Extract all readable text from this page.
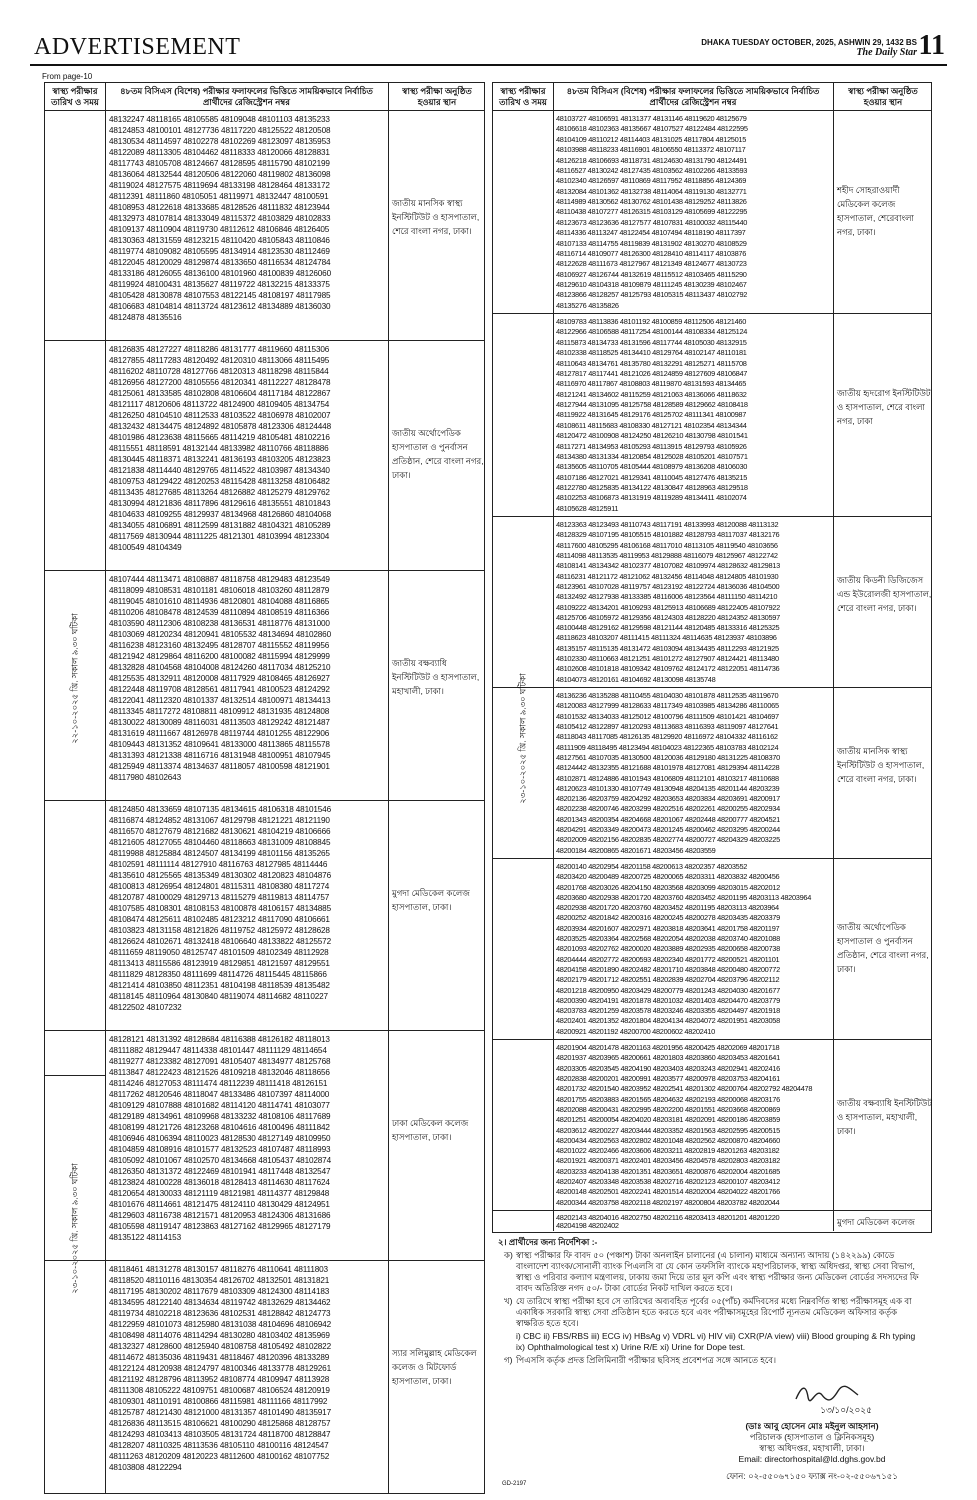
ADVERTISEMENT	DHAKA TUESDAY OCTOBER, 2025, ASHWIN 29, 1432 BS
The Daily Star 11
From page-10
স্বাস্থ্য পরীক্ষার তারিখ ও সময়
৪৮তম বিসিএস (বিশেষ) পরীক্ষার ফলাফলের ভিত্তিতে সাময়িকভাবে নির্বাচিত প্রার্থীদের রেজিস্ট্রেশন নম্বর
স্বাস্থ্য পরীক্ষা অনুষ্ঠিত হওয়ার স্থান
48132247 48118165 48105585 48109048 48101103 48135233
48124853 48100101 48127736 48117220 48125522 48120508
48130534 48114597 48102278 48102269 48123097 48135953
48122089 48113305 48104462 48118333 48120066 48128831
48117743 48105708 48124667 48128595 48115790 48102199
48136064 48132544 48120506 48122060 48119802 48136098
48119024 48127575 48119694 48133198 48128464 48133172
48112391 48111860 48105051 48119971 48132447 48100591
48108953 48122618 48133685 48128526 48111832 48123944
48132973 48107814 48133049 48115372 48103829 48102833
48109137 48110904 48119730 48112612 48106846 48126405
48130363 48131559 48123215 48110420 48105843 48110846
48119774 48109082 48105595 48134914 48123530 48112469
48122045 48120029 48129874 48133650 48116534 48124784
48133186 48126055 48136100 48101960 48100839 48126060
48119924 48100431 48135627 48119722 48132215 48133375
48105428 48130878 48107553 48122145 48108197 48117985
48106683 48104814 48113724 48123612 48134889 48136030
48124878 48135516
জাতীয় মানসিক স্বাস্থ্য ইনস্টিটিউট ও হাসপাতাল, শেরে বাংলা নগর, ঢাকা।
48126835 48127227 48118286 48131777 48119660 48115306
48127855 48117283 48120492 48120310 48113066 48115495
48116202 48110728 48127766 48120313 48118298 48115844
48126956 48127200 48105556 48120341 48112227 48128478
48125061 48133585 48102808 48106604 48117184 48122867
48121117 48120606 48113722 48124900 48109405 48134754
48126250 48104510 48112533 48103522 48106978 48102007
48132432 48134475 48124892 48105878 48123306 48124448
48101986 48123638 48115665 48114219 48105481 48102216
48115551 48118591 48132144 48133982 48110766 48118886
48130445 48118371 48132241 48136193 48103205 48123823
48121838 48114440 48129765 48114522 48103987 48134340
48109753 48129422 48120253 48115428 48113258 48106482
48113435 48127685 48113264 48126882 48125279 48129762
48130994 48121836 48117896 48129616 48135551 48101843
48104633 48109255 48129937 48134968 48126860 48104068
48134055 48106891 48112599 48131882 48104321 48105289
48117569 48130944 48111225 48121301 48103994 48123304
48100549 48104349
জাতীয় অর্থোপেডিক হাসপাতাল ও পুনর্বাসন প্রতিষ্ঠান, শেরে বাংলা নগর, ঢাকা।
48107444 48113471 48108887 48118758 48129483 48123549
48118099 48108531 48101181 48106018 48103260 48112879
48119045 48101610 48114936 48120801 48104088 48116865
48110206 48108478 48124539 48110894 48108519 48116366
48103590 48112306 48108238 48136531 48118776 48131000
48103069 48120234 48120941 48105532 48134694 48102860
48116238 48123160 48132495 48128707 48115552 48119956
48121942 48129864 48116200 48100082 48115994 48129999
48132828 48104568 48104008 48124260 48117034 48125210
48125535 48132911 48120008 48117929 48108465 48126927
48122448 48119708 48128561 48117941 48100523 48124292
48122041 48112320 48101337 48132514 48100971 48134413
48113345 48117272 48108811 48109912 48131935 48124808
48130022 48130089 48116031 48113503 48129242 48121487
48131619 48111667 48126978 48119744 48101255 48122906
48109443 48131352 48109641 48133000 48113865 48115578
48131393 48121338 48116716 48131948 48100951 48107945
48125949 48113374 48134637 48118057 48100598 48121901
48117980 48102643
জাতীয় বক্ষব্যাধি ইনস্টিটিউট ও হাসপাতাল, মহাখালী, ঢাকা।
48124850 48133659 48107135 48134615 48106318 48101546
48116874 48124852 48131067 48129798 48121221 48121190
48116570 48127679 48121682 48130621 48104219 48106666
48121605 48127055 48104460 48118663 48131009 48108845
48119988 48125884 48124507 48134199 48101156 48135265
48102591 48111114 48127910 48116763 48127985 48114446
48135610 48125565 48135349 48130302 48120823 48104876
48100813 48126954 48124801 48115311 48108380 48117274
48120787 48100029 48129713 48115279 48119813 48114757
48107585 48108301 48108153 48100878 48106157 48134885
48108474 48125611 48102485 48123212 48117090 48106661
48103823 48131158 48121826 48119752 48125972 48128628
48126624 48102671 48132418 48106640 48133822 48125572
48111659 48119050 48125747 48101509 48102349 48112928
48113413 48115586 48123919 48129851 48121597 48129551
48111829 48128350 48111699 48114726 48115445 48115866
48121414 48103850 48112351 48104198 48118539 48135482
48118145 48110964 48130840 48119074 48114682 48110227
48122502 48107232
মুগদা মেডিকেল কলেজ হাসপাতাল, ঢাকা।
48128121 48131392 48128684 48116388 48126182 48118013
48111882 48129447 48114338 48101447 48111129 48114654
48119277 48123382 48127091 48105407 48134977 48125768
48113847 48122423 48121526 48109218 48132046 48118656
48114246 48127053 48111474 48112239 48111418 48126151
48117262 48120546 48118047 48133486 48107397 48114000
48109129 48107888 48101682 48114120 48114741 48103077
48129189 48134961 48109968 48133232 48108106 48117689
48108199 48121726 48123268 48104616 48100496 48111842
48106946 48106394 48110023 48128530 48127149 48109950
48104859 48108916 48101577 48132523 48107487 48118993
48105092 48101067 48102570 48134668 48105437 48102874
48126350 48131372 48122469 48101941 48117448 48132547
48123824 48100228 48136018 48128413 48114630 48117624
48120654 48130033 48121119 48121981 48114377 48129848
48101676 48114661 48121475 48124110 48130429 48124951
48129603 48116738 48121571 48120953 48124306 48131686
48105598 48119147 48123863 48127162 48129965 48127179
48135122 48114153
ঢাকা মেডিকেল কলেজ হাসপাতাল, ঢাকা।
48118461 48131278 48130157 48118276 48110641 48111803
48118520 48110116 48130354 48126702 48132501 48131821
48117195 48130202 48117679 48103309 48124300 48114183
48134595 48122140 48134634 48119742 48132629 48134462
48119734 48102218 48123636 48102531 48128842 48124773
48122959 48101073 48125980 48131038 48104696 48106942
48108498 48114076 48114294 48130280 48103402 48135969
48132327 48128600 48125940 48108758 48105492 48102822
48114672 48135036 48119431 48118467 48120396 48133289
48122124 48120938 48124797 48100346 48133778 48129261
48121192 48128796 48113952 48108774 48109947 48113928
48111308 48105222 48109751 48100687 48106524 48120919
48109301 48110191 48100866 48115981 48111166 48117992
48125787 48121430 48121000 48131357 48101490 48135917
48126836 48113515 48106621 48100290 48125868 48128757
48124293 48103413 48103505 48131724 48118700 48128847
48128207 48110325 48113536 48105110 48100116 48124547
48111263 48120209 48120223 48112600 48100162 48107752
48103808 48122294
স্যার সলিমুল্লাহ মেডিকেল কলেজ ও মিটফোর্ড হাসপাতাল, ঢাকা।
২২-১০-২০২৫ খ্রি. সকাল ৯.৩০ ঘটিকা
২৩-১০-২০২৫ খ্রি. সকাল ৯.৩০ ঘটিকা
স্বাস্থ্য পরীক্ষার তারিখ ও সময়
৪৮তম বিসিএস (বিশেষ) পরীক্ষার ফলাফলের ভিত্তিতে সাময়িকভাবে নির্বাচিত প্রার্থীদের রেজিস্ট্রেশন নম্বর
স্বাস্থ্য পরীক্ষা অনুষ্ঠিত হওয়ার স্থান
48103727 48106591 48131377 48131146 48119620 48125679
48106618 48102363 48135667 48107527 48122484 48122595
48104109 48110212 48114403 48131025 48117804 48125015
48103988 48118233 48116901 48106550 48113372 48107117
48126218 48106693 48118731 48124630 48131790 48124491
48116527 48130242 48127435 48103562 48102266 48133593
48102340 48126597 48110869 48117952 48118856 48124369
48132084 48101362 48132738 48114064 48119130 48132771
48114989 48130562 48130762 48101438 48129252 48113826
48110438 48107277 48126315 48103129 48105699 48122295
48123673 48123636 48127577 48107831 48100032 48115440
48114336 48113247 48122454 48107494 48118190 48117397
48107133 48114755 48119839 48131902 48130270 48108529
48116714 48109077 48126300 48128410 48114117 48103876
48122628 48111673 48127967 48121349 48124677 48130723
48106927 48126744 48132619 48115512 48103465 48115290
48129610 48104318 48109879 48111245 48130239 48102467
48123866 48128257 48125793 48105315 48113437 48102792
48135276 48135826
শহীদ সোহরাওয়ার্দী মেডিকেল কলেজ হাসপাতাল, শেরেবাংলা নগর, ঢাকা।
48109783 48113836 48101192 48100859 48112506 48121460
48122966 48106588 48117254 48100144 48108334 48125124
48115873 48134733 48131596 48117744 48105030 48132915
48102338 48118525 48134410 48129764 48102147 48110181
48110643 48134761 48135780 48132291 48125271 48115708
48127817 48117441 48121026 48124859 48127609 48106847
48116970 48117867 48108803 48119870 48131593 48134465
48121241 48134602 48115259 48121063 48136066 48118632
48127944 48131095 48125758 48128589 48129662 48108418
48119922 48131645 48129176 48125702 48111341 48100987
48108611 48115683 48108330 48127121 48102354 48134344
48120472 48100908 48124250 48126210 48130798 48101541
48117271 48134953 48105293 48113915 48129793 48105926
48134380 48131334 48120854 48125028 48105201 48107571
48135605 48110705 48105444 48108979 48136208 48106030
48107186 48127021 48129341 48110045 48127476 48135215
48122780 48125835 48134122 48130847 48128963 48129518
48102253 48106873 48131919 48119289 48134411 48102074
48105628 48125911
জাতীয় হৃদরোগ ইনস্টিটিউট ও হাসপাতাল, শেরে বাংলা নগর, ঢাকা
48123363 48123493 48110743 48117191 48133993 48120088 48113132
48128329 48107195 48105515 48101882 48128793 48117037 48132176
48117600 48105295 48106168 48117010 48113105 48119540 48103656
48114098 48113535 48119953 48129888 48116079 48125967 48122742
48108141 48134342 48102377 48107082 48109974 48128632 48129813
48116231 48121172 48121062 48132456 48114048 48124805 48101930
48123961 48107028 48119757 48123192 48122724 48136036 48104500
48132492 48127938 48133385 48116006 48123564 48111150 48114210
48109222 48134201 48109293 48125913 48106689 48122405 48107922
48125706 48105972 48129356 48124303 48128220 48124352 48130597
48100448 48129162 48129598 48121144 48120485 48133316 48125325
48118623 48103207 48111415 48111324 48114635 48123937 48103896
48135157 48115135 48131472 48103094 48134435 48112293 48121925
48102330 48110663 48121251 48101272 48127907 48124421 48113480
48102608 48101818 48109342 48109762 48124172 48122051 48114736
48104073 48120161 48104692 48130098 48135748
জাতীয় কিডনী ডিজিজেস এন্ড ইউরোলজী হাসপাতাল, শেরে বাংলা নগর, ঢাকা।
48136236 48135288 48110455 48104030 48101878 48112535 48119670
48120083 48127999 48128633 48117349 48103985 48134286 48110065
48101532 48134033 48125012 48100796 48111509 48101421 48104697
48105412 48122897 48120293 48113683 48116393 48119097 48127641
48118043 48117085 48126135 48129920 48116972 48104332 48116162
48111909 48118495 48123494 48104023 48122365 48103783 48102124
48127561 48107035 48130500 48120036 48129180 48131225 48108370
48124442 48132355 48121688 48101978 48127081 48129394 48114228
48102871 48124886 48101943 48106809 48112101 48103217 48110688
48120623 48101330 48107749 48130948 48204135 48201144 48203239
48202136 48203759 48204292 48203653 48203834 48203691 48200917
48202238 48200746 48203299 48202516 48202261 48200255 48202934
48201343 48200354 48204668 48201067 48202448 48200777 48204521
48204291 48203349 48200473 48201245 48200462 48203295 48200244
48202009 48202156 48202835 48202774 48200727 48204329 48203225
48200184 48200865 48201671 48203456 48203559
জাতীয় মানসিক স্বাস্থ্য ইনস্টিটিউট ও হাসপাতাল, শেরে বাংলা নগর, ঢাকা।
48200140 48202954 48201158 48200613 48202357 48203552
48203420 48200489 48200725 48200065 48203311 48203832 48200456
48201768 48203026 48204150 48203568 48203099 48203015 48202012
48203680 48202938 48201720 48203760 48203452 48201195 48203113 48203964
48202938 48201720 48203760 48203452 48201195 48203113 48203964
48200252 48201842 48200316 48200245 48200278 48203435 48203379
48203934 48201607 48202971 48203818 48203641 48201758 48201197
48203525 48203364 48202568 48202054 48202038 48203740 48201088
48201093 48202762 48200020 48203889 48202935 48200658 48200738
48204444 48202772 48200593 48202340 48201772 48200521 48201101
48204158 48201890 48202482 48201710 48203848 48200480 48200772
48202179 48201712 48202551 48202839 48202704 48203796 48202112
48201218 48200950 48203429 48200779 48201243 48204030 48201677
48200390 48204191 48201878 48201032 48201403 48204470 48203779
48203783 48201259 48203578 48203246 48203355 48204497 48201918
48202401 48201352 48201804 48204134 48204072 48201951 48203058
48200921 48201192 48200700 48200602 48202410
জাতীয় অর্থোপেডিক হাসপাতাল ও পুনর্বাসন প্রতিষ্ঠান, শেরে বাংলা নগর, ঢাকা।
48201904 48201478 48201163 48201956 48200425 48202069 48201718
48201937 48203965 48200661 48201803 48203860 48203453 48201641
48203305 48203545 48204190 48203403 48203243 48202941 48202416
48202838 48200201 48200991 48203577 48200978 48203753 48204161
48201732 48201540 48203952 48202541 48201302 48200764 48202792 48204478
48201755 48203883 48201565 48204632 48202193 48200068 48203176
48202088 48200431 48202995 48202200 48201551 48203668 48200869
48201251 48200054 48204020 48203181 48202091 48200186 48203859
48203612 48200227 48203444 48203352 48201563 48202595 48200515
48200434 48202563 48202802 48201048 48202562 48200870 48204660
48201022 48202466 48203606 48203211 48202819 48201263 48203182
48201921 48200371 48202401 48203456 48204578 48202803 48203182
48203233 48204138 48201351 48203651 48200876 48202004 48201685
48202407 48203348 48203538 48202716 48202123 48200107 48203412
48200148 48202501 48202241 48201514 48202004 48204022 48201766
48200344 48203758 48202118 48202197 48200804 48203782 48202044
জাতীয় বক্ষব্যাধি ইনস্টিটিউট ও হাসপাতাল, মহাখালী, ঢাকা।
48202143 48204016 48202750 48202116 48203413 48201201 48201220
48204198 48202402	মুগদা মেডিকেল কলেজ
২৩-১০-২০২৫ খ্রি. সকাল ৯.৩০ ঘটিকা
২। প্রার্থীদের জন্য নির্দেশিকা :-
ক) স্বাস্থ্য পরীক্ষার ফি বাবদ ৫০ (পঞ্চাশ) টাকা অনলাইন চালানের (এ চালান) মাধ্যমে অন্যান্য আদায় (১৪২২৯৯) কোডে বাংলাদেশ ব্যাংক/সোনালী ব্যাংক পিএলসি বা যে কোন তফসিলি ব্যাংকে মহাপরিচালক, স্বাস্থ্য অধিদপ্তর, স্বাস্থ্য সেবা বিভাগ, স্বাস্থ্য ও পরিবার কল্যাণ মন্ত্রণালয়, ঢাকায় জমা দিয়ে তার মূল কপি এবং স্বাস্থ্য পরীক্ষার জন্য মেডিকেল বোর্ডের সদস্যদের ফি বাবদ অতিরিক্ত নগদ ৫০/- টাকা বোর্ডের নিকট দাখিল করতে হবে।
খ) যে তারিখে স্বাস্থ্য পরীক্ষা হবে সে তারিখের অব্যবহিত পূর্বের ০৫(পাঁচ) কর্মদিবসের মধ্যে নিম্নবর্ণিত স্বাস্থ্য পরীক্ষাসমূহ এক বা একাধিক সরকারি স্বাস্থ্য সেবা প্রতিষ্ঠান হতে করতে হবে এবং পরীক্ষাসমূহের রিপোর্ট ন্যূনতম মেডিকেল অফিসার কর্তৃক স্বাক্ষরিত হতে হবে।
i) CBC ii) FBS/RBS iii) ECG iv) HBsAg v) VDRL vi) HIV vii) CXR(P/A view) viii) Blood grouping & Rh typing ix) Ophthalmological test x) Urine R/E xi) Urine for Dope test.
গ) পিএসসি কর্তৃক প্রদত্ত প্রিলিমিনারী পরীক্ষার ছবিসহ প্রবেশপত্র সঙ্গে আনতে হবে।
১৩/১০/২০২৫
(ডাঃ আবু হোসেন মোঃ মইনুল আহসান)
পরিচালক (হাসপাতাল ও ক্লিনিকসমূহ)
স্বাস্থ্য অধিদপ্তর, মহাখালী, ঢাকা।
Email: directorhospital@ld.dghs.gov.bd
ফোন: ০২-৫৫০৬৭১৫০ ফ্যাক্স নং-০২-৫৫০৬৭১৫১
GD-2197
